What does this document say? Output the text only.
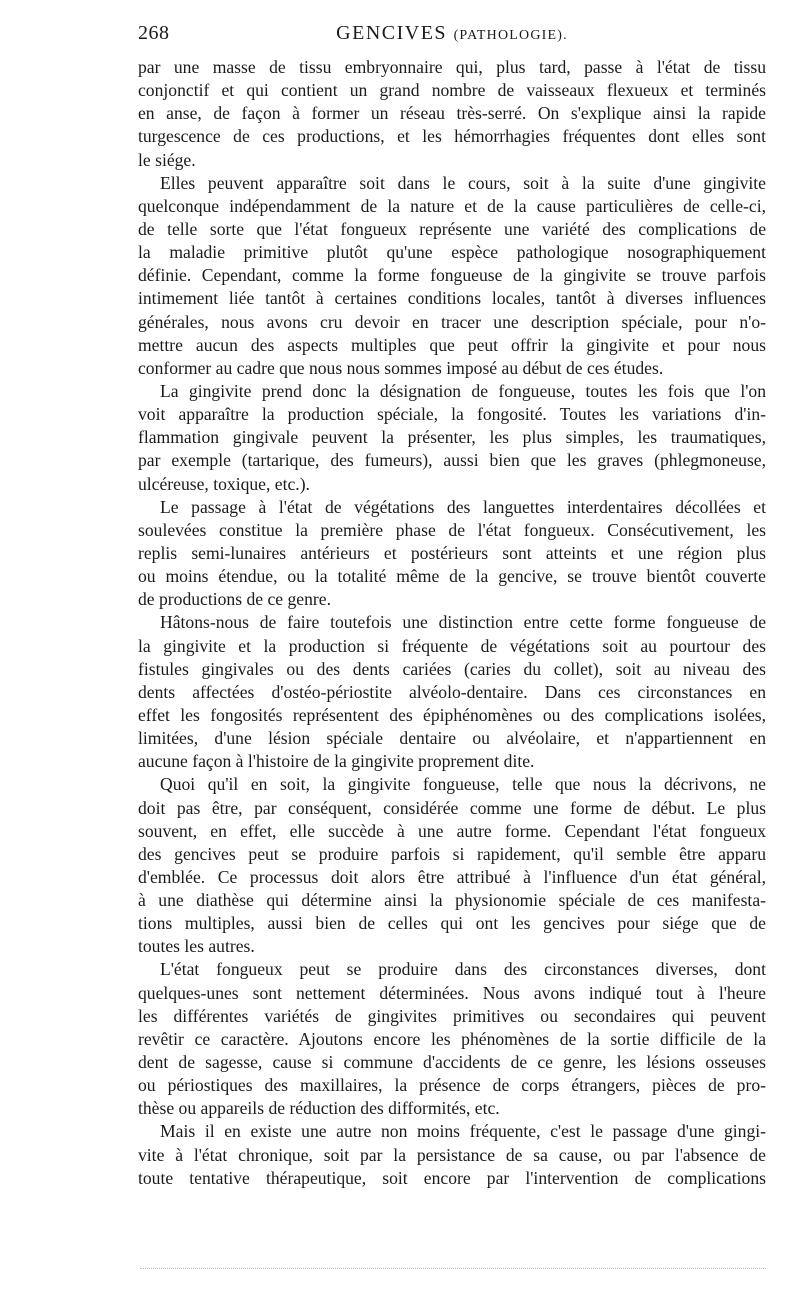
268	GENCIVES (PATHOLOGIE).
par une masse de tissu embryonnaire qui, plus tard, passe à l'état de tissu
conjonctif et qui contient un grand nombre de vaisseaux flexueux et terminés
en anse, de façon à former un réseau très-serré. On s'explique ainsi la rapide
turgescence de ces productions, et les hémorrhagies fréquentes dont elles sont
le siége.
Elles peuvent apparaître soit dans le cours, soit à la suite d'une gingivite
quelconque indépendamment de la nature et de la cause particulières de celle-ci,
de telle sorte que l'état fongueux représente une variété des complications de
la maladie primitive plutôt qu'une espèce pathologique nosographiquement
définie. Cependant, comme la forme fongueuse de la gingivite se trouve parfois
intimement liée tantôt à certaines conditions locales, tantôt à diverses influences
générales, nous avons cru devoir en tracer une description spéciale, pour n'o-
mettre aucun des aspects multiples que peut offrir la gingivite et pour nous
conformer au cadre que nous nous sommes imposé au début de ces études.
La gingivite prend donc la désignation de fongueuse, toutes les fois que l'on
voit apparaître la production spéciale, la fongosité. Toutes les variations d'in-
flammation gingivale peuvent la présenter, les plus simples, les traumatiques,
par exemple (tartarique, des fumeurs), aussi bien que les graves (phlegmoneuse,
ulcéreuse, toxique, etc.).
Le passage à l'état de végétations des languettes interdentaires décollées et
soulevées constitue la première phase de l'état fongueux. Consécutivement, les
replis semi-lunaires antérieurs et postérieurs sont atteints et une région plus
ou moins étendue, ou la totalité même de la gencive, se trouve bientôt couverte
de productions de ce genre.
Hâtons-nous de faire toutefois une distinction entre cette forme fongueuse de
la gingivite et la production si fréquente de végétations soit au pourtour des
fistules gingivales ou des dents cariées (caries du collet), soit au niveau des
dents affectées d'ostéo-périostite alvéolo-dentaire. Dans ces circonstances en
effet les fongosités représentent des épiphénomènes ou des complications isolées,
limitées, d'une lésion spéciale dentaire ou alvéolaire, et n'appartiennent en
aucune façon à l'histoire de la gingivite proprement dite.
Quoi qu'il en soit, la gingivite fongueuse, telle que nous la décrivons, ne
doit pas être, par conséquent, considérée comme une forme de début. Le plus
souvent, en effet, elle succède à une autre forme. Cependant l'état fongueux
des gencives peut se produire parfois si rapidement, qu'il semble être apparu
d'emblée. Ce processus doit alors être attribué à l'influence d'un état général,
à une diathèse qui détermine ainsi la physionomie spéciale de ces manifesta-
tions multiples, aussi bien de celles qui ont les gencives pour siége que de
toutes les autres.
L'état fongueux peut se produire dans des circonstances diverses, dont
quelques-unes sont nettement déterminées. Nous avons indiqué tout à l'heure
les différentes variétés de gingivites primitives ou secondaires qui peuvent
revêtir ce caractère. Ajoutons encore les phénomènes de la sortie difficile de la
dent de sagesse, cause si commune d'accidents de ce genre, les lésions osseuses
ou périostiques des maxillaires, la présence de corps étrangers, pièces de pro-
thèse ou appareils de réduction des difformités, etc.
Mais il en existe une autre non moins fréquente, c'est le passage d'une gingi-
vite à l'état chronique, soit par la persistance de sa cause, ou par l'absence de
toute tentative thérapeutique, soit encore par l'intervention de complications
